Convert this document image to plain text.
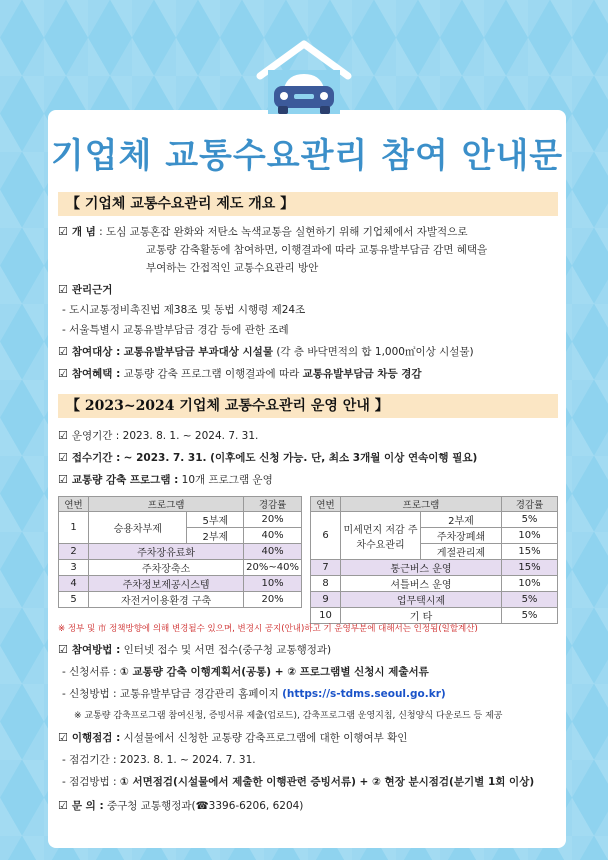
기업체 교통수요관리 참여 안내문
【 기업체 교통수요관리 제도 개요 】
☑ 개 념 : 도심 교통혼잡 완화와 저탄소 녹색교통을 실현하기 위해 기업체에서 자발적으로
교통량 감축활동에 참여하면, 이행결과에 따라 교통유발부담금 감면 혜택을
부여하는 간접적인 교통수요관리 방안
☑ 관리근거
- 도시교통정비촉진법 제38조 및 동법 시행령 제24조
- 서울특별시 교통유발부담금 경감 등에 관한 조례
☑ 참여대상 : 교통유발부담금 부과대상 시설물 (각 층 바닥면적의 합 1,000㎡이상 시설물)
☑ 참여혜택 : 교통량 감축 프로그램 이행결과에 따라 교통유발부담금 차등 경감
【 2023~2024 기업체 교통수요관리 운영 안내 】
☑ 운영기간 : 2023. 8. 1. ~ 2024. 7. 31.
☑ 접수기간 : ~ 2023. 7. 31. (이후에도 신청 가능. 단, 최소 3개월 이상 연속이행 필요)
☑ 교통량 감축 프로그램 : 10개 프로그램 운영
연번	프로그램		경감률
1	승용차부제	5부제	20%
		2부제	40%
2	주차장유료화		40%
3	주차장축소		20%~40%
4	주차정보제공시스템		10%
5	자전거이용환경 구축		20%
연번	프로그램		경감률
6	미세먼지 저감 주차수요관리	2부제	5%
		주차장폐쇄	10%
		게절관리제	15%
7	통근버스 운영		15%
8	셔틀버스 운영		10%
9	업무택시제		5%
10	기 타		5%
※ 정부 및 市 정책방향에 의해 변경될수 있으며, 변경시 공지(안내)하고 기 운영부분에 대해서는 인정됨(일할계산)
☑ 참여방법 : 인터넷 접수 및 서면 접수(중구청 교통행정과)
- 신청서류 : ① 교통량 감축 이행계획서(공통) + ② 프로그램별 신청시 제출서류
- 신청방법 : 교통유발부담금 경감관리 홈페이지 (https://s-tdms.seoul.go.kr)
※ 교통량 감축프로그램 참여신청, 증빙서류 제출(업로드), 감축프로그램 운영지침, 신청양식 다운로드 등 제공
☑ 이행점검 : 시설물에서 신청한 교통량 감축프로그램에 대한 이행여부 확인
- 점검기간 : 2023. 8. 1. ~ 2024. 7. 31.
- 점검방법 : ① 서면점검(시설물에서 제출한 이행관련 증빙서류) + ② 현장 분시점검(분기별 1회 이상)
☑ 문 의 : 중구청 교통행정과(☎3396-6206, 6204)
